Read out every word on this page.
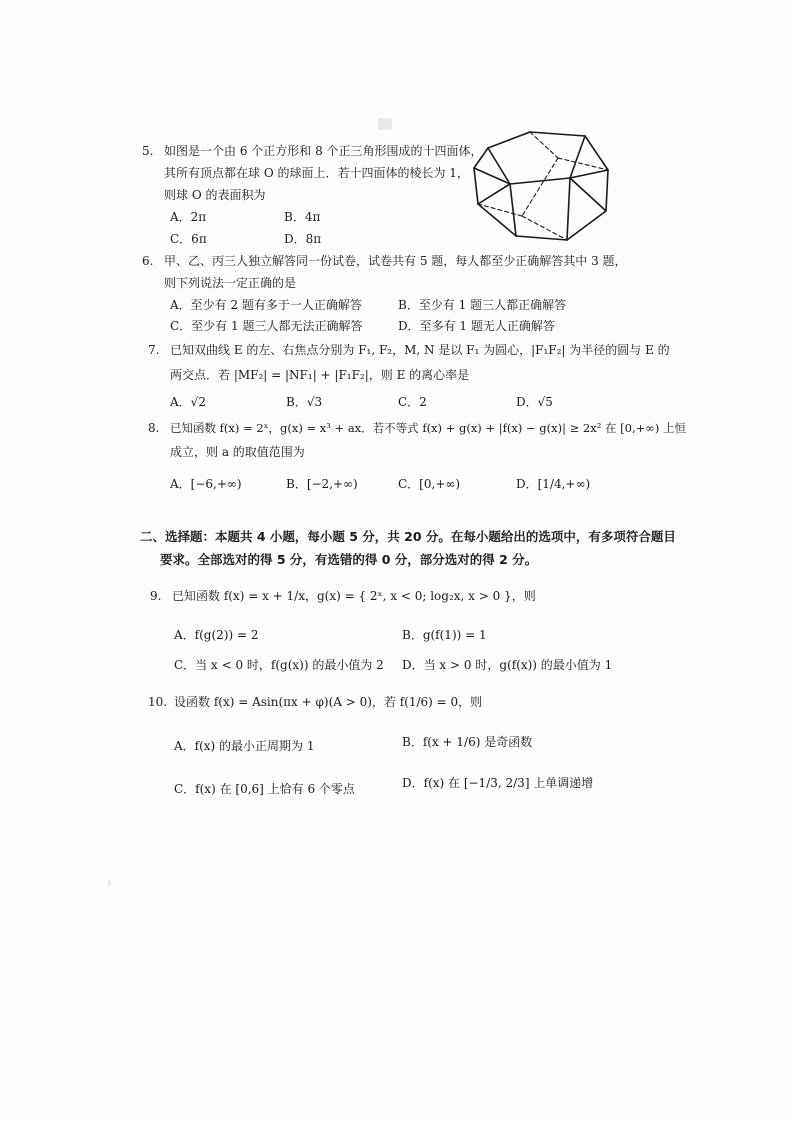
5. 如图是一个由 6 个正方形和 8 个正三角形围成的十四面体，
其所有顶点都在球 O 的球面上．若十四面体的棱长为 1，
则球 O 的表面积为
A．2π	B．4π
C．6π	D．8π
6. 甲、乙、丙三人独立解答同一份试卷，试卷共有 5 题，每人都至少正确解答其中 3 题，
则下列说法一定正确的是
A．至少有 2 题有多于一人正确解答	B．至少有 1 题三人都正确解答
C．至少有 1 题三人都无法正确解答	D．至多有 1 题无人正确解答
7. 已知双曲线 E 的左、右焦点分别为 F₁, F₂，M, N 是以 F₁ 为圆心，|F₁F₂| 为半径的圆与 E 的
两交点．若 |MF₂| = |NF₁| + |F₁F₂|，则 E 的离心率是
A．√2	B．√3	C．2	D．√5
8. 已知函数 f(x) = 2ˣ，g(x) = x³ + ax．若不等式 f(x) + g(x) + |f(x) − g(x)| ≥ 2x² 在 [0,+∞) 上恒
成立，则 a 的取值范围为
A．[−6,+∞)	B．[−2,+∞)	C．[0,+∞)	D．[1/4,+∞)
二、选择题：本题共 4 小题，每小题 5 分，共 20 分。在每小题给出的选项中，有多项符合题目
要求。全部选对的得 5 分，有选错的得 0 分，部分选对的得 2 分。
9. 已知函数 f(x) = x + 1/x，g(x) = { 2ˣ, x < 0; log₂x, x > 0 }，则
A．f(g(2)) = 2	B．g(f(1)) = 1
C．当 x < 0 时，f(g(x)) 的最小值为 2 D．当 x > 0 时，g(f(x)) 的最小值为 1
10. 设函数 f(x) = Asin(πx + φ)(A > 0)，若 f(1/6) = 0，则
A．f(x) 的最小正周期为 1	B．f(x + 1/6) 是奇函数
C．f(x) 在 [0,6] 上恰有 6 个零点	D．f(x) 在 [−1/3, 2/3] 上单调递增
